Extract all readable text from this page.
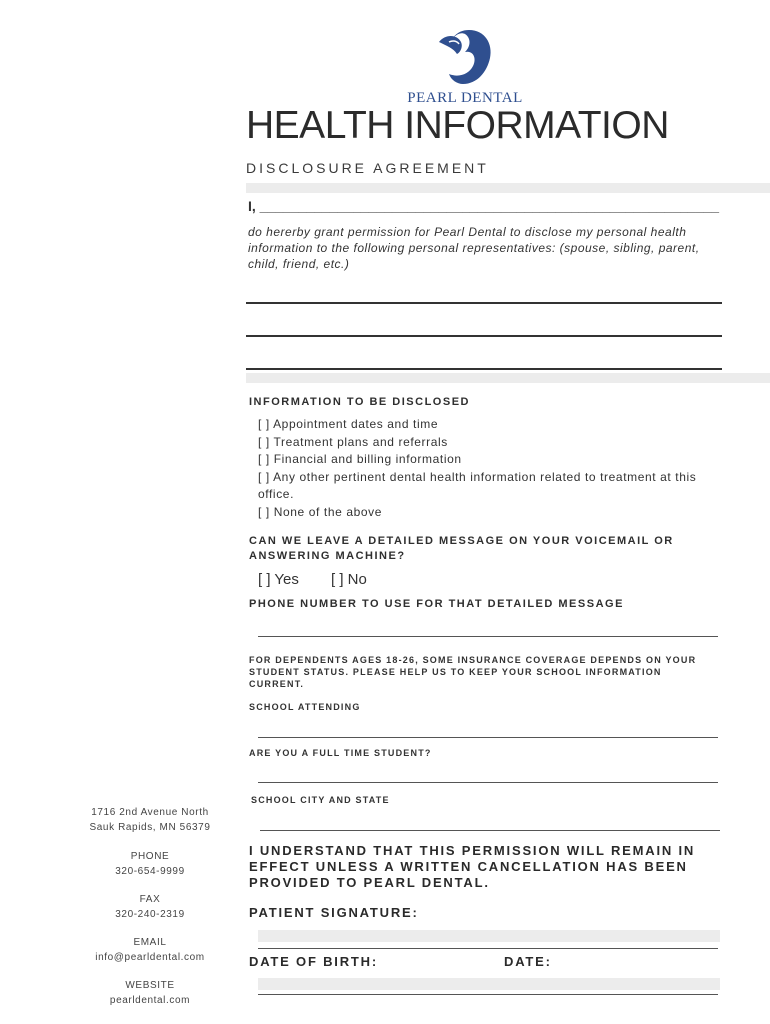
PEARL DENTAL
HEALTH INFORMATION
DISCLOSURE AGREEMENT
I, ___________________________________________________________
do hererby grant permission for Pearl Dental to disclose my personal health information to the following personal representatives: (spouse, sibling, parent, child, friend, etc.)
INFORMATION TO BE DISCLOSED
[ ] Appointment dates and time
[ ] Treatment plans and referrals
[ ] Financial and billing information
[ ] Any other pertinent dental health information related to treatment at this office.
[ ] None of the above
CAN WE LEAVE A DETAILED MESSAGE ON YOUR VOICEMAIL OR ANSWERING MACHINE?
[ ] Yes [ ] No
PHONE NUMBER TO USE FOR THAT DETAILED MESSAGE
FOR DEPENDENTS AGES 18-26, SOME INSURANCE COVERAGE DEPENDS ON YOUR STUDENT STATUS. PLEASE HELP US TO KEEP YOUR SCHOOL INFORMATION CURRENT.
SCHOOL ATTENDING
ARE YOU A FULL TIME STUDENT?
SCHOOL CITY AND STATE
I UNDERSTAND THAT THIS PERMISSION WILL REMAIN IN EFFECT UNLESS A WRITTEN CANCELLATION HAS BEEN PROVIDED TO PEARL DENTAL.
PATIENT SIGNATURE:
DATE OF BIRTH:	DATE:
1716 2nd Avenue North
Sauk Rapids, MN 56379
PHONE
320-654-9999
FAX
320-240-2319
EMAIL
info@pearldental.com
WEBSITE
pearldental.com
